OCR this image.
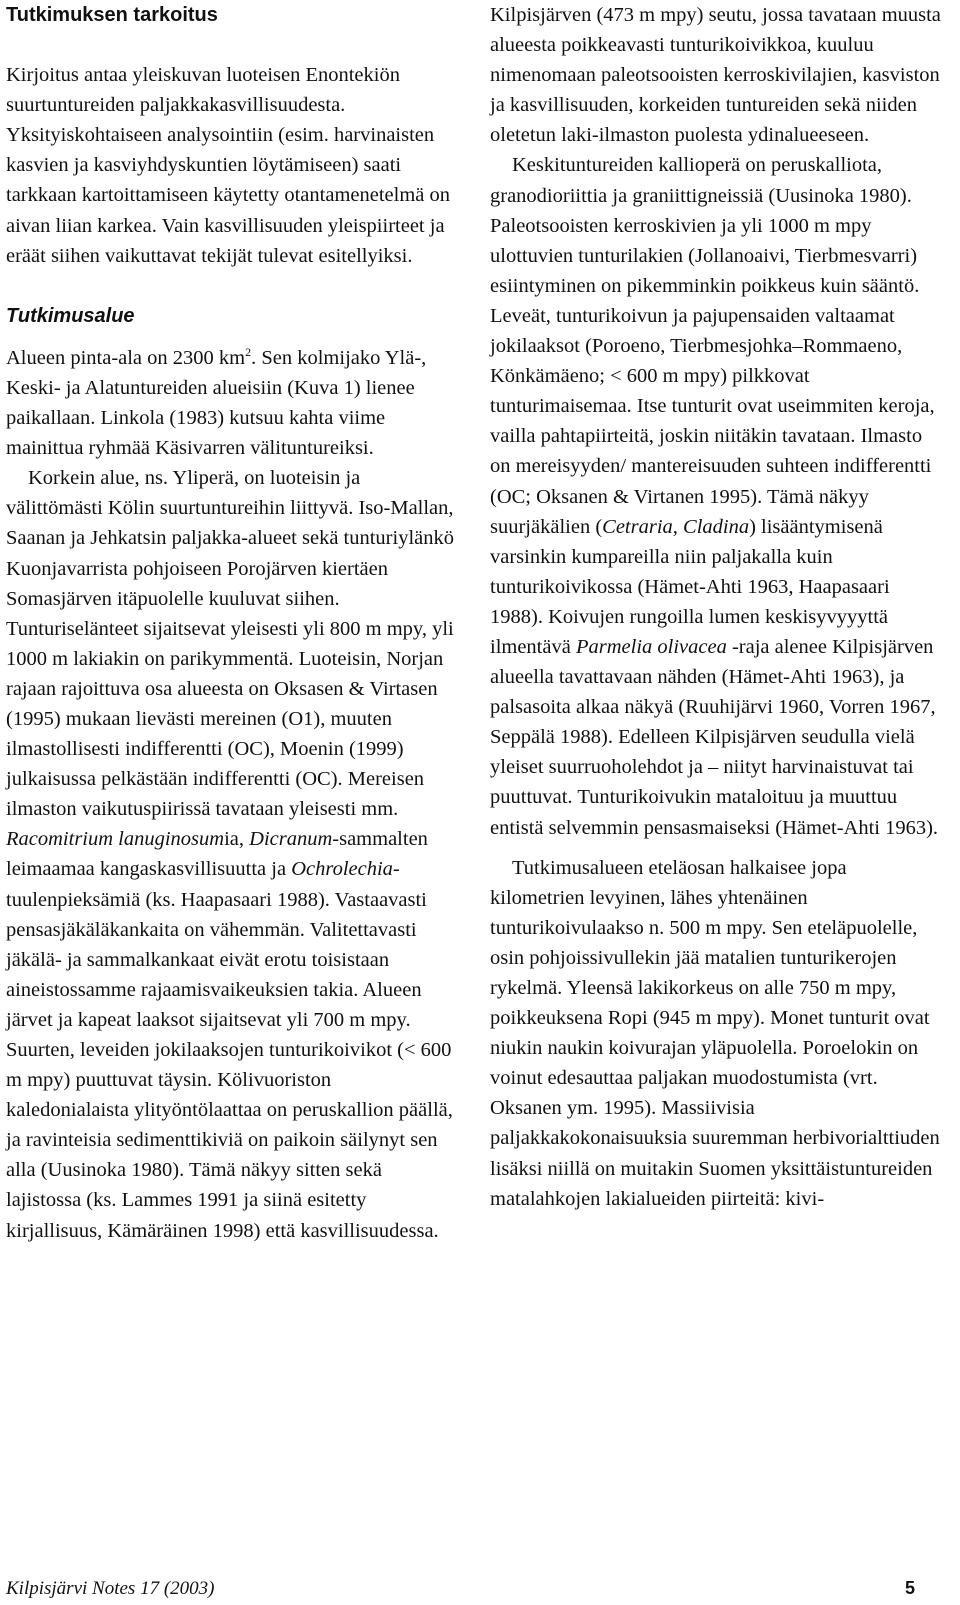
Tutkimuksen tarkoitus

Kirjoitus antaa yleiskuvan luoteisen Enontekiön suurtuntureiden paljakkakasvillisuudesta. Yksityiskohtaiseen analysointiin (esim. harvinaisten kasvien ja kasviyhdyskuntien löytämiseen) saati tarkkaan kartoittamiseen käytetty otantamenetelmä on aivan liian karkea. Vain kasvillisuuden yleispiirteet ja eräät siihen vaikuttavat tekijät tulevat esitellyiksi.

Tutkimusalue

Alueen pinta-ala on 2300 $km^2$. Sen kolmijako Ylä-, Keski- ja Alatuntureiden alueisiin (Kuva 1) lienee paikallaan. Linkola (1983) kutsuu kahta viime mainittua ryhmää Käsivarren välituntureiksi.

Korkein alue, ns. Yliperä, on luoteisin ja välittömästi Kölin suurtuntureihin liittyvä. Iso-Mallan, Saanan ja Jehkatsin paljakka-alueet sekä tunturiylänkö Kuonjavarrista pohjoiseen Porojärven kiertäen Somasjärven itäpuolelle kuuluvat siihen. Tunturiselänteet sijaitsevat yleisesti yli 800 m mpy, yli 1000 m lakiakin on parikymmentä. Luoteisin, Norjan rajaan rajoittuva osa alueesta on Oksasen & Virtasen (1995) mukaan lievästi mereinen (O1), muuten ilmastollisesti indifferentti (OC), Moenin (1999) julkaisussa pelkästään indifferentti (OC). Mereisen ilmaston vaikutuspiirissä tavataan yleisesti mm. Racomitrium lanuginosumia, Dicranum-sammalten leimaamaa kangaskasvillisuutta ja Ochrolechia-tuulenpieksämiä (ks. Haapasaari 1988). Vastaavasti pensasjäkäläkankaita on vähemmän. Valitettavasti jäkälä- ja sammalkankaat eivät erotu toisistaan aineistossamme rajaamisvaikeuksien takia. Alueen järvet ja kapeat laaksot sijaitsevat yli 700 m mpy. Suurten, leveiden jokilaaksojen tunturikoivikot (< 600 m mpy) puuttuvat täysin. Kölivuoriston kaledonialaista ylityöntölaattaa on peruskallion päällä, ja ravinteisia sedimenttikiviä on paikoin säilynyt sen alla (Uusinoka 1980). Tämä näkyy sitten sekä lajistossa (ks. Lammes 1991 ja siinä esitetty kirjallisuus, Kämäräinen 1998) että kasvillisuudessa.

Kilpisjärven (473 m mpy) seutu, jossa tavataan muusta alueesta poikkeavasti tunturikoivikkoa, kuuluu nimenomaan paleotsooisten kerroskivilajien, kasviston ja kasvillisuuden, korkeiden tuntureiden sekä niiden oletetun laki-ilmaston puolesta ydinalueeseen.

Keskituntureiden kallioperä on peruskalliota, granodioriittia ja graniittigneissiä (Uusinoka 1980). Paleotsooisten kerroskivien ja yli 1000 m mpy ulottuvien tunturilakien (Jollanoaivi, Tierbmesvarri) esiintyminen on pikemminkin poikkeus kuin sääntö. Leveät, tunturikoivun ja pajupensaiden valtaamat jokilaaksot (Poroeno, Tierbmesjohka–Rommaeno, Könkämäeno; < 600 m mpy) pilkkovat tunturimaisemaa. Itse tunturit ovat useimmiten keroja, vailla pahtapiirteitä, joskin niitäkin tavataan. Ilmasto on mereisyyden/ mantereisuuden suhteen indifferentti (OC; Oksanen & Virtanen 1995). Tämä näkyy suurjäkälien (Cetraria, Cladina) lisääntymisenä varsinkin kumpareilla niin paljakalla kuin tunturikoivikossa (Hämet-Ahti 1963, Haapasaari 1988). Koivujen rungoilla lumen keskisyvyyyttä ilmentävä Parmelia olivacea -raja alenee Kilpisjärven alueella tavattavaan nähden (Hämet-Ahti 1963), ja palsasoita alkaa näkyä (Ruuhijärvi 1960, Vorren 1967, Seppälä 1988). Edelleen Kilpisjärven seudulla vielä yleiset suurruoholehdot ja – niityt harvinaistuvat tai puuttuvat. Tunturikoivukin mataloituu ja muuttuu entistä selvemmin pensasmaiseksi (Hämet-Ahti 1963).

Tutkimusalueen eteläosan halkaisee jopa kilometrien levyinen, lähes yhtenäinen tunturikoivulaakso n. 500 m mpy. Sen eteläpuolelle, osin pohjoissivullekin jää matalien tunturikerojen rykelmä. Yleensä lakikorkeus on alle 750 m mpy, poikkeuksena Ropi (945 m mpy). Monet tunturit ovat niukin naukin koivurajan yläpuolella. Poroelokin on voinut edesauttaa paljakan muodostumista (vrt. Oksanen ym. 1995). Massiivisia paljakkakokonaisuuksia suuremman herbivorialttiuden lisäksi niillä on muitakin Suomen yksittäistuntureiden matalahkojen lakialueiden piirteitä: kivi-

Kilpisjärvi Notes 17 (2003)	5
